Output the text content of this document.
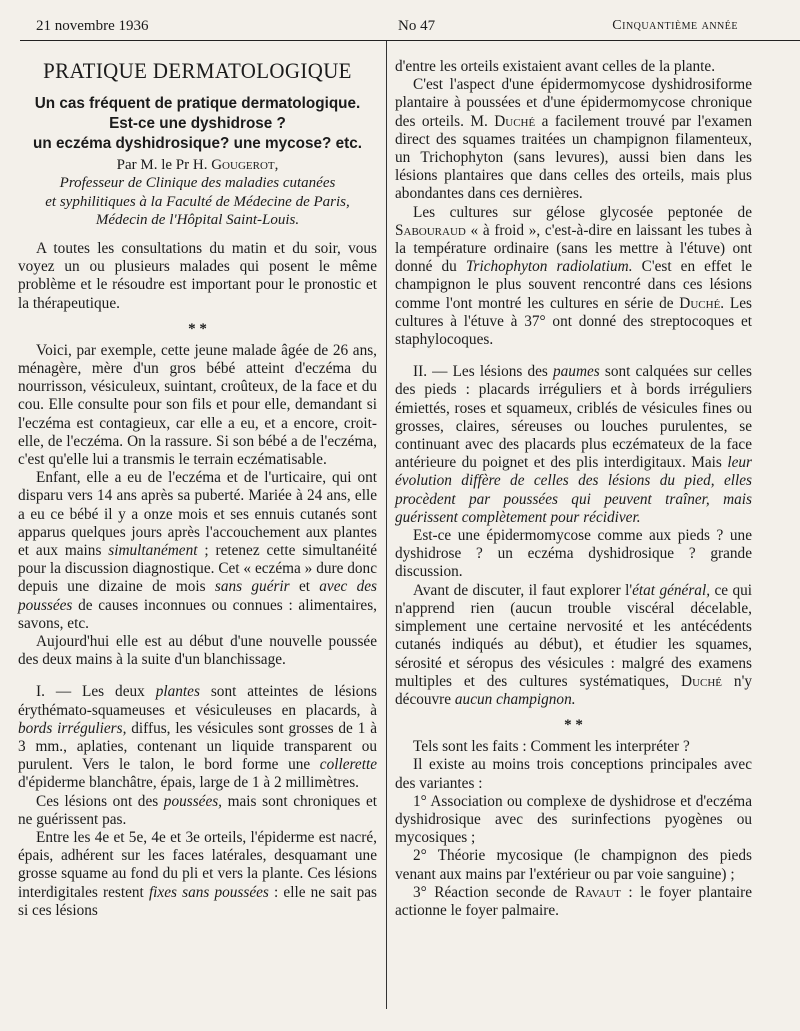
21 novembre 1936	No 47	Cinquantième année
PRATIQUE DERMATOLOGIQUE
Un cas fréquent de pratique dermatologique.
Est-ce une dyshidrose ?
un eczéma dyshidrosique? une mycose? etc.
Par M. le Pr H. Gougerot,
Professeur de Clinique des maladies cutanées
et syphilitiques à la Faculté de Médecine de Paris,
Médecin de l'Hôpital Saint-Louis.

A toutes les consultations du matin et du soir, vous voyez un ou plusieurs malades qui posent le même problème et le résoudre est important pour le pronostic et la thérapeutique.

* *

Voici, par exemple, cette jeune malade âgée de 26 ans, ménagère, mère d'un gros bébé atteint d'eczéma du nourrisson, vésiculeux, suintant, croûteux, de la face et du cou. Elle consulte pour son fils et pour elle, demandant si l'eczéma est contagieux, car elle a eu, et a encore, croit-elle, de l'eczéma. On la rassure. Si son bébé a de l'eczéma, c'est qu'elle lui a transmis le terrain eczématisable.

Enfant, elle a eu de l'eczéma et de l'urticaire, qui ont disparu vers 14 ans après sa puberté. Mariée à 24 ans, elle a eu ce bébé il y a onze mois et ses ennuis cutanés sont apparus quelques jours après l'accouchement aux plantes et aux mains simultanément ; retenez cette simultanéité pour la discussion diagnostique. Cet « eczéma » dure donc depuis une dizaine de mois sans guérir et avec des poussées de causes inconnues ou connues : alimentaires, savons, etc.

Aujourd'hui elle est au début d'une nouvelle poussée des deux mains à la suite d'un blanchissage.

I. — Les deux plantes sont atteintes de lésions érythémato-squameuses et vésiculeuses en placards, à bords irréguliers, diffus, les vésicules sont grosses de 1 à 3 mm., aplaties, contenant un liquide transparent ou purulent. Vers le talon, le bord forme une collerette d'épiderme blanchâtre, épais, large de 1 à 2 millimètres.

Ces lésions ont des poussées, mais sont chroniques et ne guérissent pas.

Entre les 4e et 5e, 4e et 3e orteils, l'épiderme est nacré, épais, adhérent sur les faces latérales, desquamant une grosse squame au fond du pli et vers la plante. Ces lésions interdigitales restent fixes sans poussées : elle ne sait pas si ces lésions

d'entre les orteils existaient avant celles de la plante.

C'est l'aspect d'une épidermomycose dyshidrosiforme plantaire à poussées et d'une épidermomycose chronique des orteils. M. Duché a facilement trouvé par l'examen direct des squames traitées un champignon filamenteux, un Trichophyton (sans levures), aussi bien dans les lésions plantaires que dans celles des orteils, mais plus abondantes dans ces dernières.

Les cultures sur gélose glycosée peptonée de Sabouraud « à froid », c'est-à-dire en laissant les tubes à la température ordinaire (sans les mettre à l'étuve) ont donné du Trichophyton radiolatium. C'est en effet le champignon le plus souvent rencontré dans ces lésions comme l'ont montré les cultures en série de Duché. Les cultures à l'étuve à 37° ont donné des streptocoques et staphylocoques.

II. — Les lésions des paumes sont calquées sur celles des pieds : placards irréguliers et à bords irréguliers émiettés, roses et squameux, criblés de vésicules fines ou grosses, claires, séreuses ou louches purulentes, se continuant avec des placards plus eczémateux de la face antérieure du poignet et des plis interdigitaux. Mais leur évolution diffère de celles des lésions du pied, elles procèdent par poussées qui peuvent traîner, mais guérissent complètement pour récidiver.

Est-ce une épidermomycose comme aux pieds ? une dyshidrose ? un eczéma dyshidrosique ? grande discussion.

Avant de discuter, il faut explorer l'état général, ce qui n'apprend rien (aucun trouble viscéral décelable, simplement une certaine nervosité et les antécédents cutanés indiqués au début), et étudier les squames, sérosité et séropus des vésicules : malgré des examens multiples et des cultures systématiques, Duché n'y découvre aucun champignon.

* *

Tels sont les faits : Comment les interpréter ?

Il existe au moins trois conceptions principales avec des variantes :

1° Association ou complexe de dyshidrose et d'eczéma dyshidrosique avec des surinfections pyogènes ou mycosiques ;

2° Théorie mycosique (le champignon des pieds venant aux mains par l'extérieur ou par voie sanguine) ;

3° Réaction seconde de Ravaut : le foyer plantaire actionne le foyer palmaire.
